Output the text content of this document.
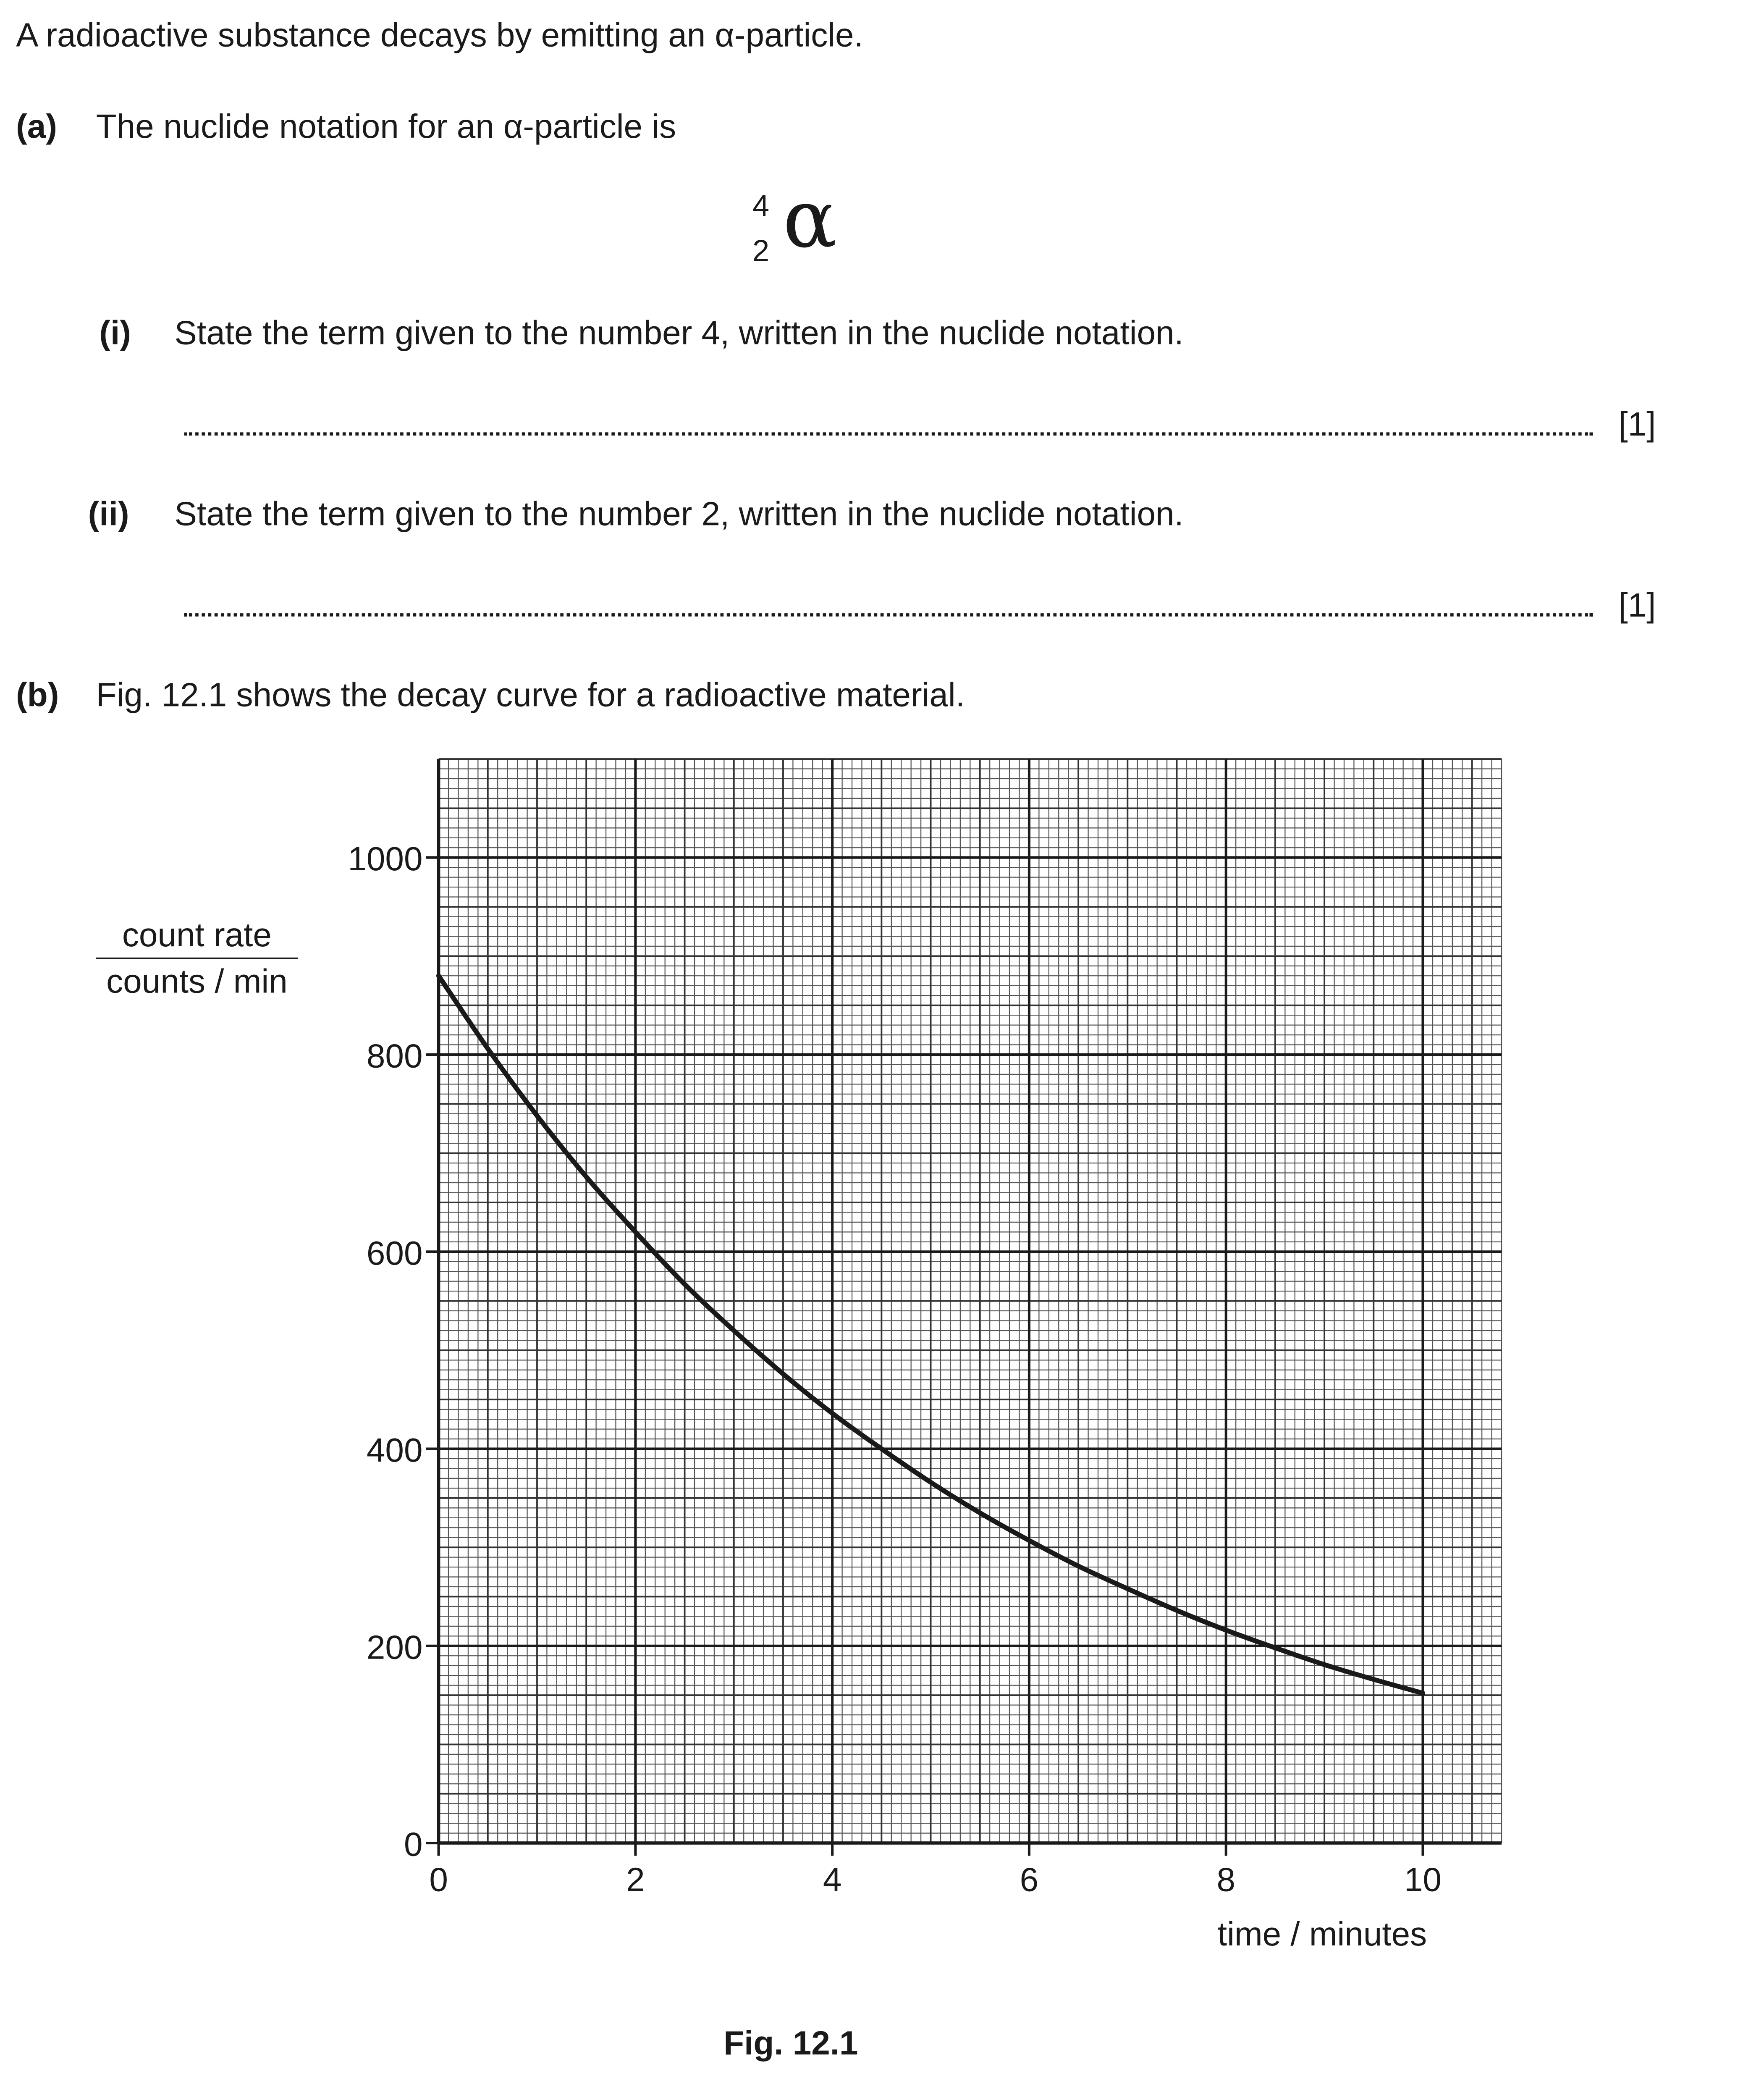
A radioactive substance decays by emitting an α-particle.
(a)	The nuclide notation for an α-particle is
4
2 α
(i)	State the term given to the number 4, written in the nuclide notation.
[1]
(ii)	State the term given to the number 2, written in the nuclide notation.
[1]
(b)	Fig. 12.1 shows the decay curve for a radioactive material.
count rate
counts / min
0	2	4	6	8	10
0
200
400
600
800
1000
time / minutes
Fig. 12.1
